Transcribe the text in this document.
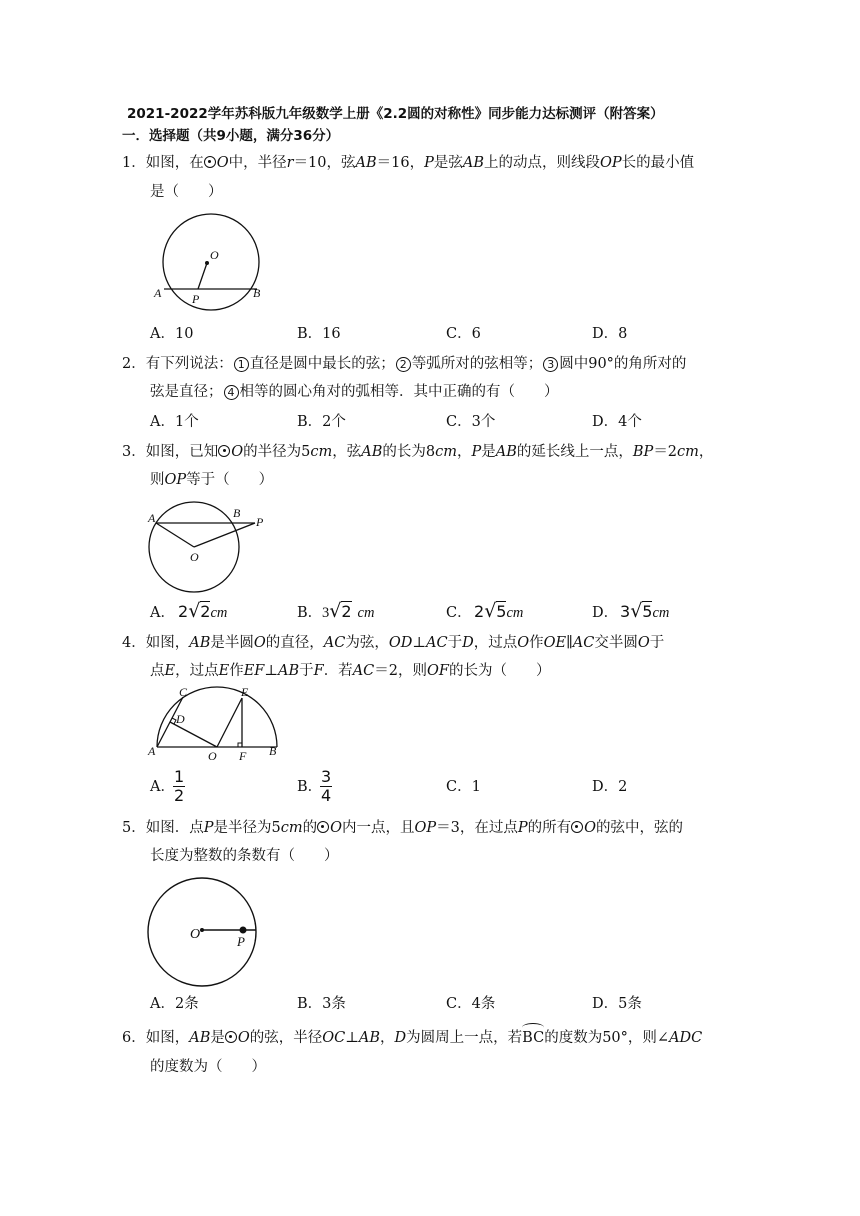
2021-2022学年苏科版九年级数学上册《2.2圆的对称性》同步能力达标测评（附答案）
一．选择题（共9小题，满分36分）
1．如图，在 O中，半径r＝10，弦AB＝16，P是弦AB上的动点，则线段OP长的最小值
是（　　）
O
A	P	B
A．10	B．16	C．6	D．8
2．有下列说法： 1 直径是圆中最长的弦； 2 等弧所对的弦相等； 3 圆中90°的角所对的
弦是直径； 4 相等的圆心角对的弧相等．其中正确的有（　　）
A．1个	B．2个	C．3个	D．4个
3．如图，已知 O的半径为5cm，弦AB的长为8cm，P是AB的延长线上一点，BP＝2cm，
则OP等于（　　）
A	B
P
O
A． 2√2cm	B． 3√2 cm	C． 2√5cm	D． 3√5cm
4．如图，AB是半圆O的直径，AC为弦，OD⊥AC于D，过点O作OE∥AC交半圆O于
点E，过点E作EF⊥AB于F．若AC＝2，则OF的长为（　　）
C	E
D
A	O F B
A．
$\frac{1}{2}$	B．
$\frac{3}{4}$	C．1	D．2
5．如图．点P是半径为5cm的 O内一点，且OP＝3，在过点P的所有 O的弦中，弦的
长度为整数的条数有（　　）
O	P
A．2条	B．3条	C．4条	D．5条
6．如图，AB是 O的弦，半径OC⊥AB，D为圆周上一点，若BC的度数为50°，则∠ADC
的度数为（　　）
